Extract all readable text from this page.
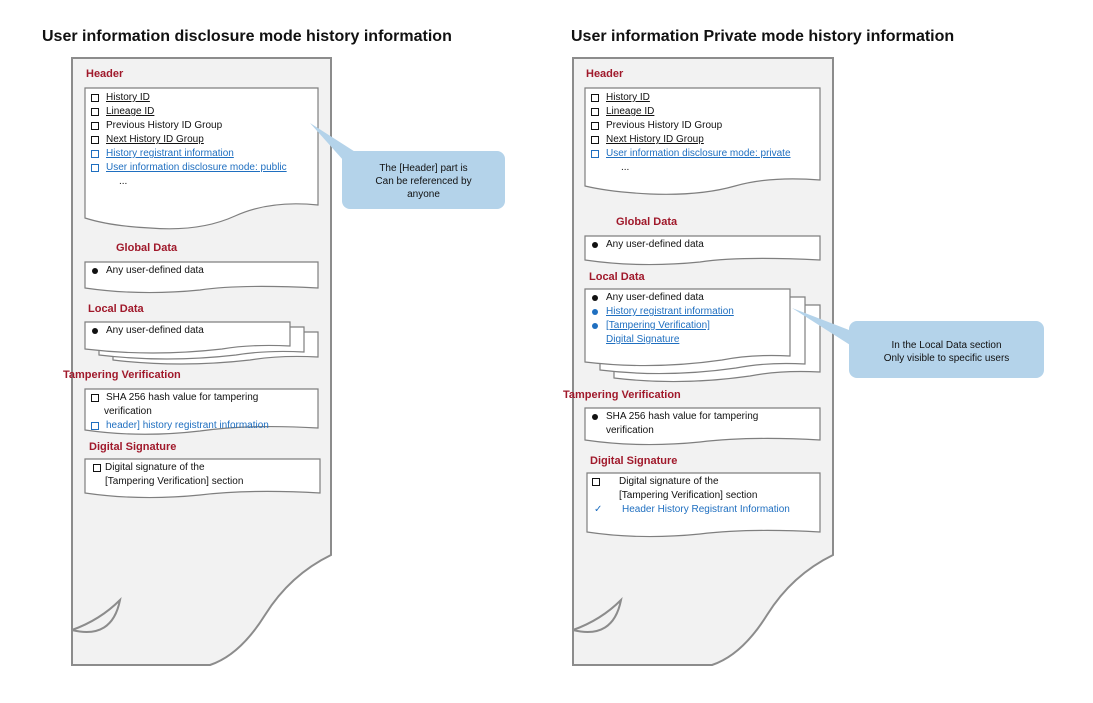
User information disclosure mode history information
Header
History ID
Lineage ID
Previous History ID Group
Next History ID Group
History registrant information
User information disclosure mode: public
...
Global Data
Any user-defined data
Local Data
Any user-defined data
Tampering Verification
SHA 256 hash value for tampering
verification
header] history registrant information
Digital Signature
Digital signature of the
[Tampering Verification] section
The [Header] part is
Can be referenced by
anyone
User information Private mode history information
Header
History ID
Lineage ID
Previous History ID Group
Next History ID Group
User information disclosure mode: private
...
Global Data
Any user-defined data
Local Data
Any user-defined data
History registrant information
[Tampering Verification]
Digital Signature
Tampering Verification
SHA 256 hash value for tampering
verification
Digital Signature
Digital signature of the
[Tampering Verification] section
✓	Header History Registrant Information
In the Local Data section
Only visible to specific users
